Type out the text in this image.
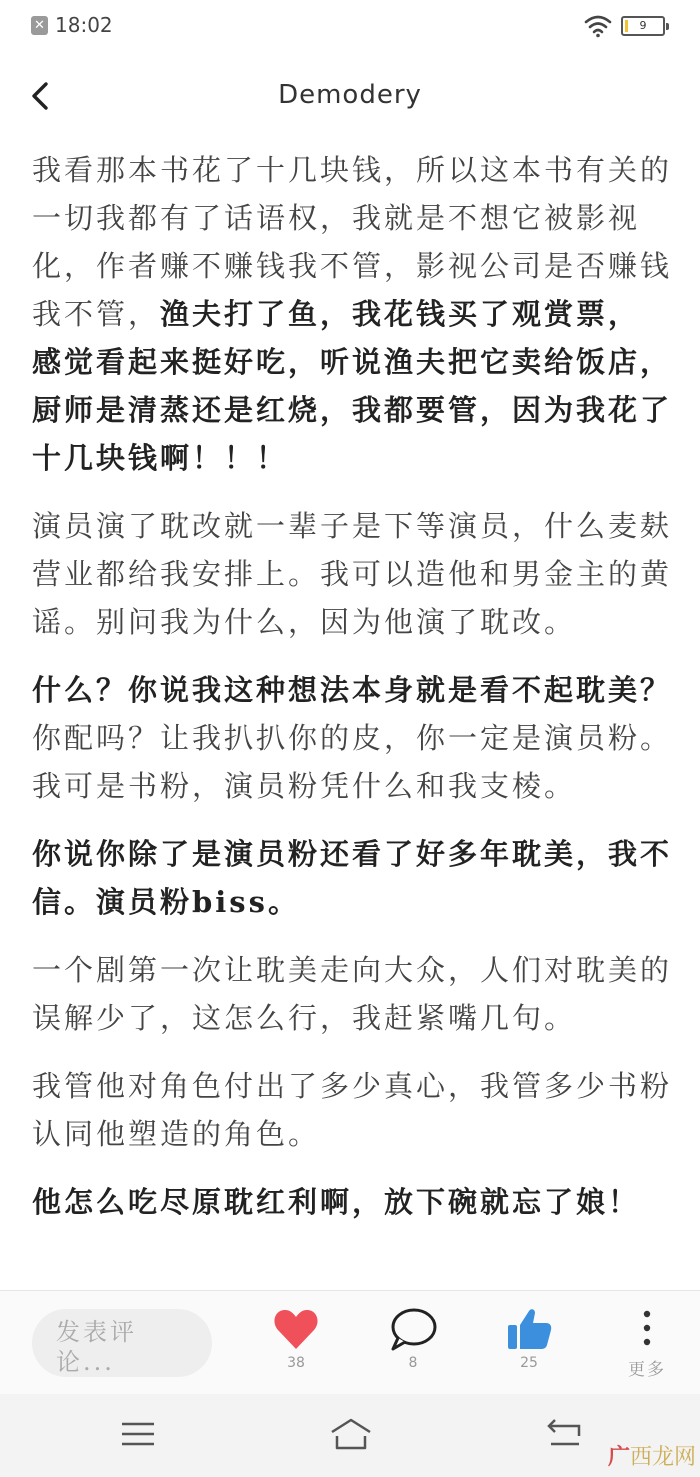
✕ 18:02	9
Demodery

我看那本书花了十几块钱，所以这本书有关的一切我都有了话语权，我就是不想它被影视化，作者赚不赚钱我不管，影视公司是否赚钱我不管，渔夫打了鱼，我花钱买了观赏票，感觉看起来挺好吃，听说渔夫把它卖给饭店，厨师是清蒸还是红烧，我都要管，因为我花了十几块钱啊！！！

演员演了耽改就一辈子是下等演员，什么麦麸营业都给我安排上。我可以造他和男金主的黄谣。别问我为什么，因为他演了耽改。

什么？你说我这种想法本身就是看不起耽美？你配吗？让我扒扒你的皮，你一定是演员粉。我可是书粉，演员粉凭什么和我支棱。

你说你除了是演员粉还看了好多年耽美，我不信。演员粉biss。

一个剧第一次让耽美走向大众，人们对耽美的误解少了，这怎么行，我赶紧嘴几句。

我管他对角色付出了多少真心，我管多少书粉认同他塑造的角色。

他怎么吃尽原耽红利啊，放下碗就忘了娘！

发表评论...	38	8	25	更多
广西龙网
